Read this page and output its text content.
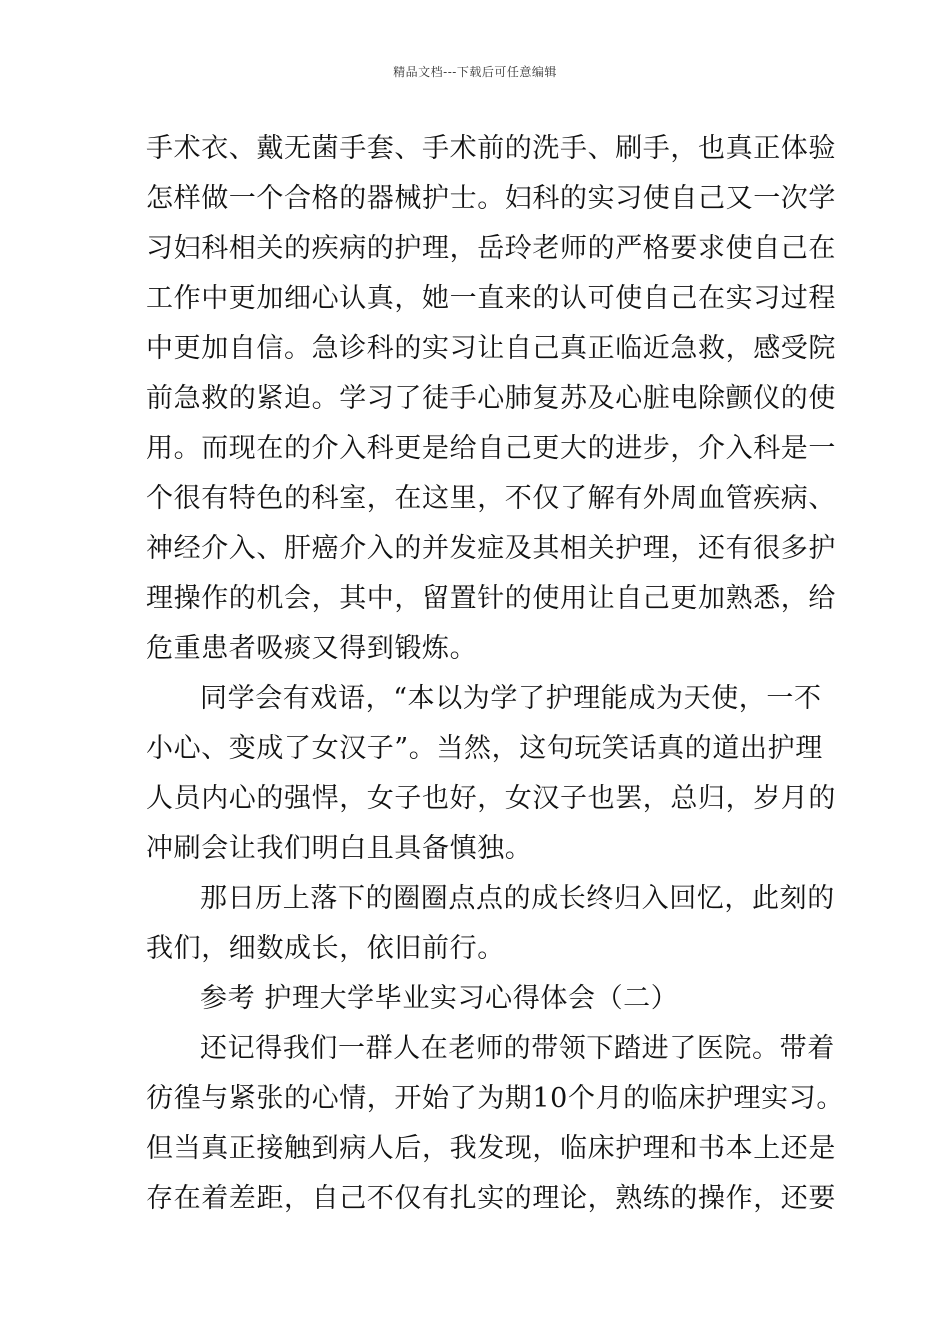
精品文档---下载后可任意编辑
手术衣、戴无菌手套、手术前的洗手、刷手，也真正体验
怎样做一个合格的器械护士。妇科的实习使自己又一次学
习妇科相关的疾病的护理，岳玲老师的严格要求使自己在
工作中更加细心认真，她一直来的认可使自己在实习过程
中更加自信。急诊科的实习让自己真正临近急救，感受院
前急救的紧迫。学习了徒手心肺复苏及心脏电除颤仪的使
用。而现在的介入科更是给自己更大的进步，介入科是一
个很有特色的科室，在这里，不仅了解有外周血管疾病、
神经介入、肝癌介入的并发症及其相关护理，还有很多护
理操作的机会，其中，留置针的使用让自己更加熟悉，给
危重患者吸痰又得到锻炼。
同学会有戏语，“本以为学了护理能成为天使，一不
小心、变成了女汉子”。当然，这句玩笑话真的道出护理
人员内心的强悍，女子也好，女汉子也罢，总归，岁月的
冲刷会让我们明白且具备慎独。
那日历上落下的圈圈点点的成长终归入回忆，此刻的
我们，细数成长，依旧前行。
参考 护理大学毕业实习心得体会（二）
还记得我们一群人在老师的带领下踏进了医院。带着
彷徨与紧张的心情，开始了为期10个月的临床护理实习。
但当真正接触到病人后，我发现，临床护理和书本上还是
存在着差距，自己不仅有扎实的理论，熟练的操作，还要
